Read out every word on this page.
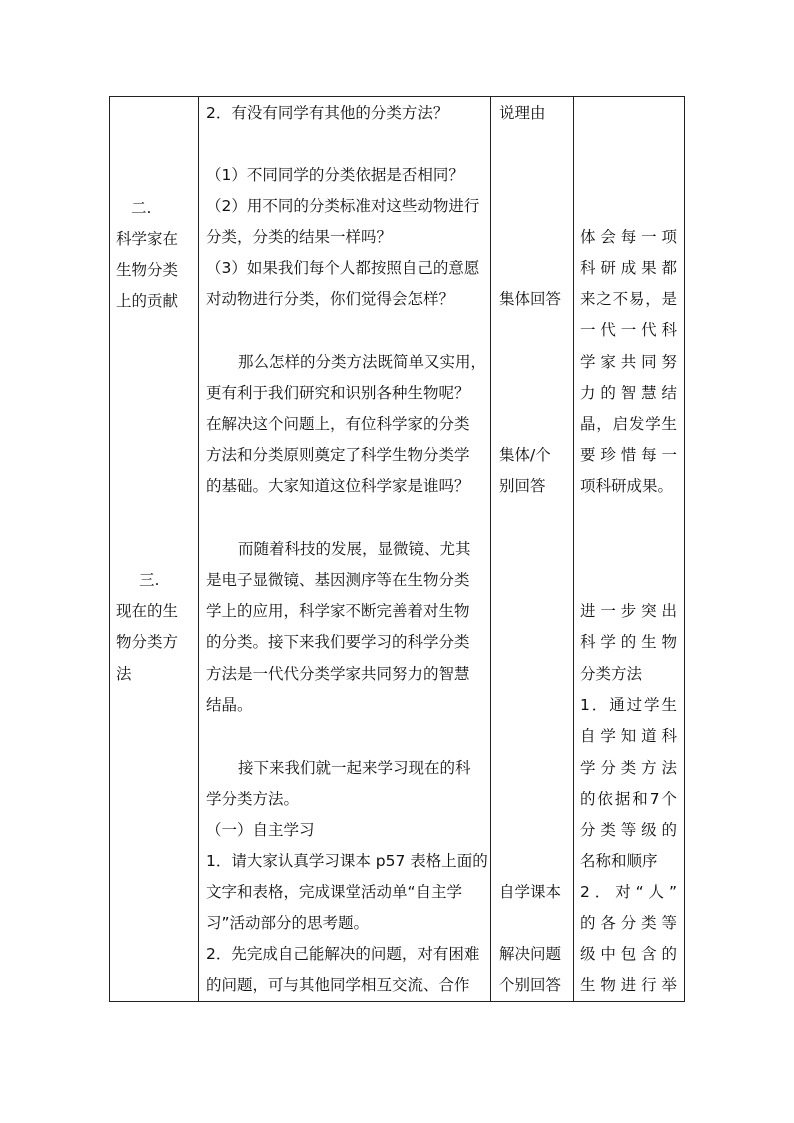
二.
科学家在
生物分类
上的贡献
三.
现在的生
物分类方
法
2．有没有同学有其他的分类方法？
（1）不同同学的分类依据是否相同？
（2）用不同的分类标准对这些动物进行
分类，分类的结果一样吗？
（3）如果我们每个人都按照自己的意愿
对动物进行分类，你们觉得会怎样？
那么怎样的分类方法既简单又实用，
更有利于我们研究和识别各种生物呢？
在解决这个问题上，有位科学家的分类
方法和分类原则奠定了科学生物分类学
的基础。大家知道这位科学家是谁吗？
而随着科技的发展，显微镜、尤其
是电子显微镜、基因测序等在生物分类
学上的应用，科学家不断完善着对生物
的分类。接下来我们要学习的科学分类
方法是一代代分类学家共同努力的智慧
结晶。
接下来我们就一起来学习现在的科
学分类方法。
（一）自主学习
1．请大家认真学习课本 p57 表格上面的
文字和表格，完成课堂活动单“自主学
习”活动部分的思考题。
2．先完成自己能解决的问题，对有困难
的问题，可与其他同学相互交流、合作
说理由
集体回答
集体/个
别回答
自学课本
解决问题
个别回答
体会每一项
科研成果都
来之不易，是
一代一代科
学家共同努
力的智慧结
晶，启发学生
要珍惜每一
项科研成果。
进一步突出
科学的生物
分类方法
1．通过学生
自学知道科
学分类方法
的依据和7个
分类等级的
名称和顺序
2．对“人”
的各分类等
级中包含的
生物进行举
